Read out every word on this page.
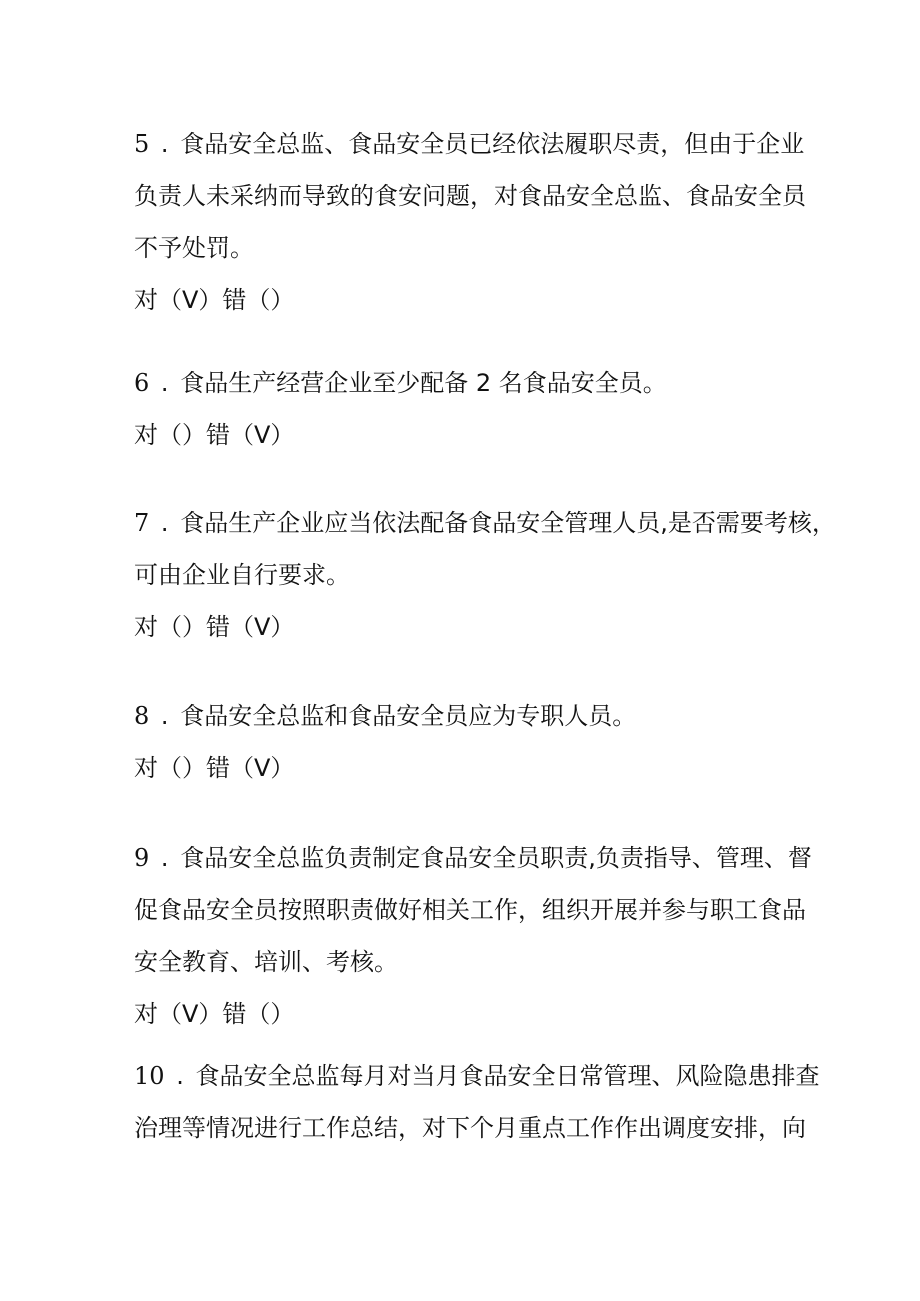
5 . 食品安全总监、食品安全员已经依法履职尽责，但由于企业
负责人未采纳而导致的食安问题，对食品安全总监、食品安全员
不予处罚。
对（V）错（）
6 . 食品生产经营企业至少配备 2 名食品安全员。
对（）错（V）
7 . 食品生产企业应当依法配备食品安全管理人员,是否需要考核，
可由企业自行要求。
对（）错（V）
8 . 食品安全总监和食品安全员应为专职人员。
对（）错（V）
9 . 食品安全总监负责制定食品安全员职责,负责指导、管理、督
促食品安全员按照职责做好相关工作，组织开展并参与职工食品
安全教育、培训、考核。
对（V）错（）
10 . 食品安全总监每月对当月食品安全日常管理、风险隐患排查
治理等情况进行工作总结，对下个月重点工作作出调度安排，向
